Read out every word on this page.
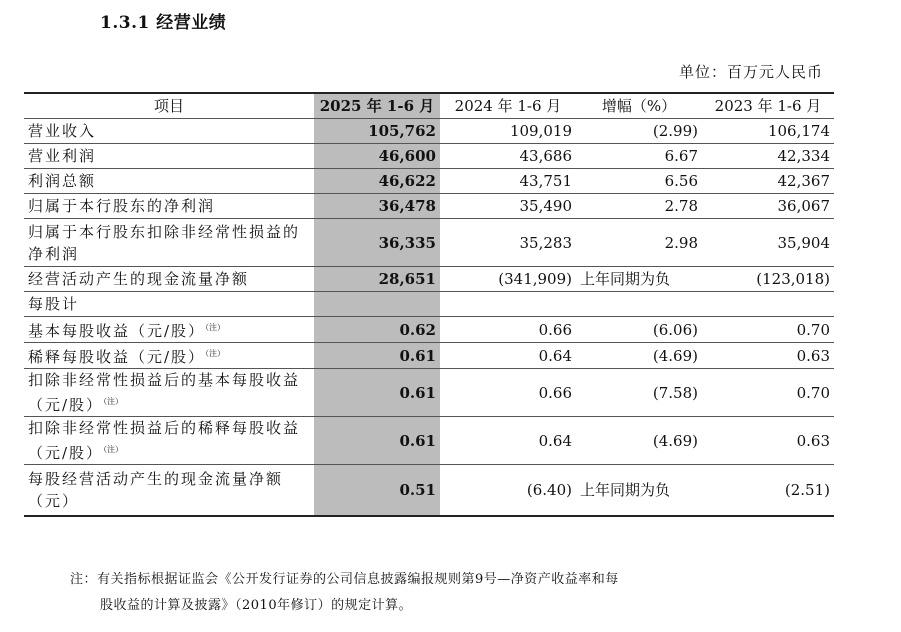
1.3.1 经营业绩
单位：百万元人民币
项目	2025 年 1-6 月	2024 年 1-6 月	增幅（%）	2023 年 1-6 月
营业收入	105,762	109,019	(2.99)	106,174
营业利润	46,600	43,686	6.67	42,334
利润总额	46,622	43,751	6.56	42,367
归属于本行股东的净利润	36,478	35,490	2.78	36,067
归属于本行股东扣除非经常性损益的净利润	36,335	35,283	2.98	35,904
经营活动产生的现金流量净额	28,651	(341,909)	上年同期为负	(123,018)
每股计				
基本每股收益（元/股）$^{(注)}$	0.62	0.66	(6.06)	0.70
稀释每股收益（元/股）$^{(注)}$	0.61	0.64	(4.69)	0.63
扣除非经常性损益后的基本每股收益（元/股）$^{(注)}$	0.61	0.66	(7.58)	0.70
扣除非经常性损益后的稀释每股收益（元/股）$^{(注)}$	0.61	0.64	(4.69)	0.63
每股经营活动产生的现金流量净额（元）	0.51	(6.40)	上年同期为负	(2.51)
注：有关指标根据证监会《公开发行证券的公司信息披露编报规则第9号—净资产收益率和每
股收益的计算及披露》（2010年修订）的规定计算。
